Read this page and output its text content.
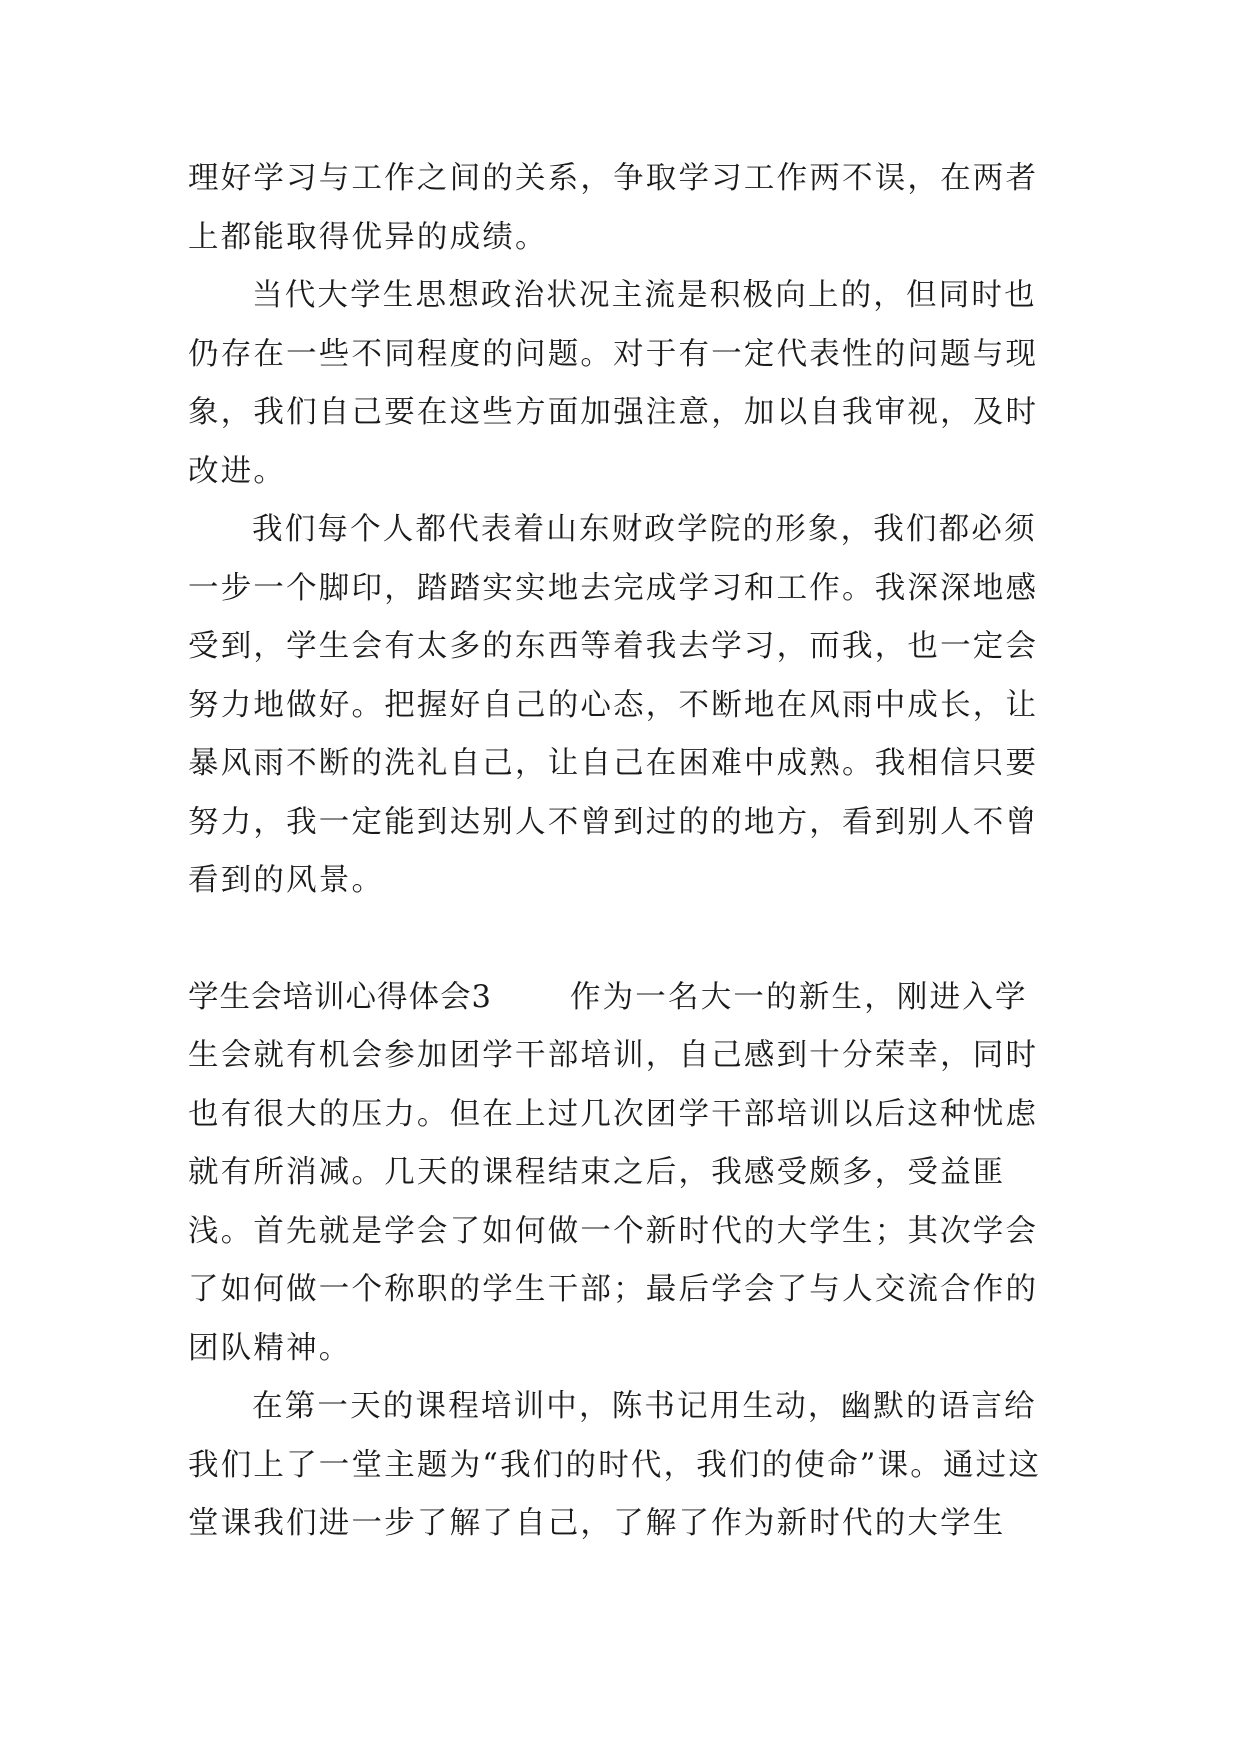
理好学习与工作之间的关系，争取学习工作两不误，在两者上都能取得优异的成绩。

当代大学生思想政治状况主流是积极向上的，但同时也仍存在一些不同程度的问题。对于有一定代表性的问题与现象，我们自己要在这些方面加强注意，加以自我审视，及时改进。

我们每个人都代表着山东财政学院的形象，我们都必须一步一个脚印，踏踏实实地去完成学习和工作。我深深地感受到，学生会有太多的东西等着我去学习，而我，也一定会努力地做好。把握好自己的心态，不断地在风雨中成长，让暴风雨不断的洗礼自己，让自己在困难中成熟。我相信只要努力，我一定能到达别人不曾到过的的地方，看到别人不曾看到的风景。

学生会培训心得体会3	作为一名大一的新生，刚进入学生会就有机会参加团学干部培训，自己感到十分荣幸，同时也有很大的压力。但在上过几次团学干部培训以后这种忧虑就有所消减。几天的课程结束之后，我感受颇多，受益匪浅。首先就是学会了如何做一个新时代的大学生；其次学会了如何做一个称职的学生干部；最后学会了与人交流合作的团队精神。

在第一天的课程培训中，陈书记用生动，幽默的语言给我们上了一堂主题为“我们的时代，我们的使命”课。通过这堂课我们进一步了解了自己，了解了作为新时代的大学生
